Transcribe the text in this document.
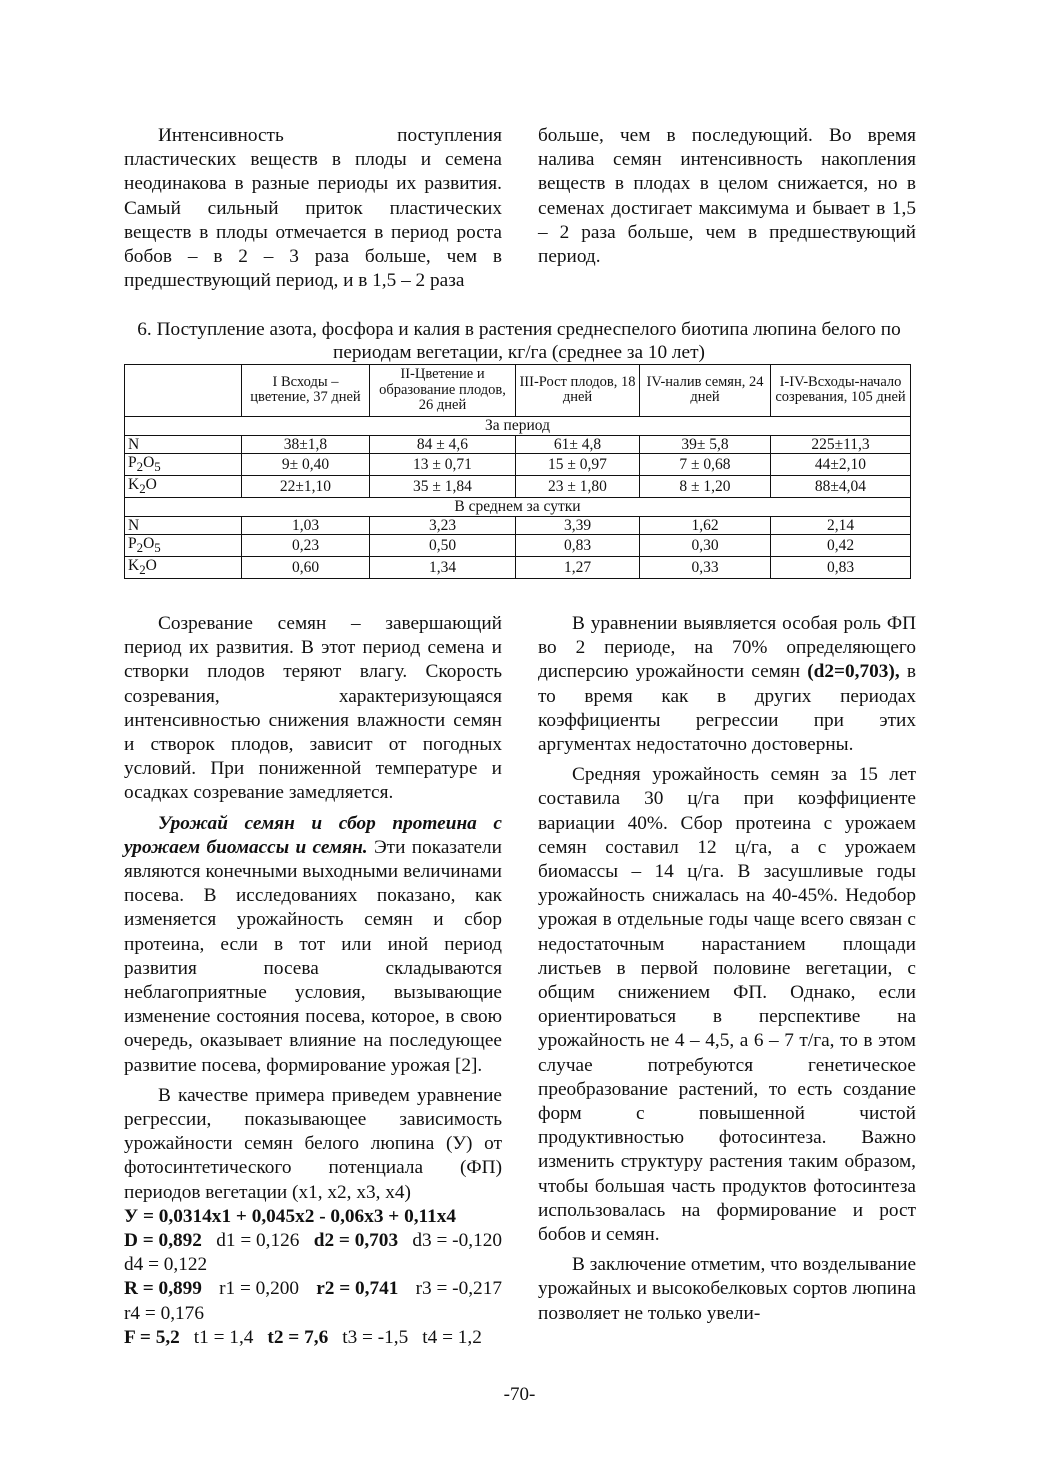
Интенсивность поступления пластических веществ в плоды и семена неодинакова в разные периоды их развития. Самый сильный приток пластических веществ в плоды отмечается в период роста бобов – в 2 – 3 раза больше, чем в предшествующий период, и в 1,5 – 2 раза

больше, чем в последующий. Во время налива семян интенсивность накопления веществ в плодах в целом снижается, но в семенах достигает максимума и бывает в 1,5 – 2 раза больше, чем в предшествующий период.

6. Поступление азота, фосфора и калия в растения среднеспелого биотипа люпина белого по периодам вегетации, кг/га (среднее за 10 лет)
	I Всходы – цветение, 37 дней	II-Цветение и образование плодов, 26 дней	III-Рост плодов, 18 дней	IV-налив семян, 24 дней	I-IV-Всходы-начало созревания, 105 дней
За период					
N	38±1,8	84 ± 4,6	61± 4,8	39± 5,8	225±11,3
$P_2O_5$	9± 0,40	13 ± 0,71	15 ± 0,97	7 ± 0,68	44±2,10
$K_2O$	22±1,10	35 ± 1,84	23 ± 1,80	8 ± 1,20	88±4,04
В среднем за сутки					
N	1,03	3,23	3,39	1,62	2,14
$P_2O_5$	0,23	0,50	0,83	0,30	0,42
$K_2O$	0,60	1,34	1,27	0,33	0,83

Созревание семян – завершающий период их развития. В этот период семена и створки плодов теряют влагу. Скорость созревания, характеризующаяся интенсивностью снижения влажности семян и створок плодов, зависит от погодных условий. При пониженной температуре и осадках созревание замедляется.

Урожай семян и сбор протеина с урожаем биомассы и семян. Эти показатели являются конечными выходными величинами посева. В исследованиях показано, как изменяется урожайность семян и сбор протеина, если в тот или иной период развития посева складываются неблагоприятные условия, вызывающие изменение состояния посева, которое, в свою очередь, оказывает влияние на последующее развитие посева, формирование урожая [2].

В качестве примера приведем уравнение регрессии, показывающее зависимость урожайности семян белого люпина (У) от фотосинтетического потенциала (ФП) периодов вегетации (x1, x2, x3, x4)

У = 0,0314x1 + 0,045x2 - 0,06x3 + 0,11x4
D = 0,892 d1 = 0,126 d2 = 0,703 d3 = -0,120
d4 = 0,122
R = 0,899 r1 = 0,200 r2 = 0,741 r3 = -0,217
r4 = 0,176
F = 5,2 t1 = 1,4 t2 = 7,6 t3 = -1,5 t4 = 1,2

В уравнении выявляется особая роль ФП во 2 периоде, на 70% определяющего дисперсию урожайности семян (d2=0,703), в то время как в других периодах коэффициенты регрессии при этих аргументах недостаточно достоверны.

Средняя урожайность семян за 15 лет составила 30 ц/га при коэффициенте вариации 40%. Сбор протеина с урожаем семян составил 12 ц/га, а с урожаем биомассы – 14 ц/га. В засушливые годы урожайность снижалась на 40-45%. Недобор урожая в отдельные годы чаще всего связан с недостаточным нарастанием площади листьев в первой половине вегетации, с общим снижением ФП. Однако, если ориентироваться в перспективе на урожайность не 4 – 4,5, а 6 – 7 т/га, то в этом случае потребуются генетическое преобразование растений, то есть создание форм с повышенной чистой продуктивностью фотосинтеза. Важно изменить структуру растения таким образом, чтобы большая часть продуктов фотосинтеза использовалась на формирование и рост бобов и семян.

В заключение отметим, что возделывание урожайных и высокобелковых сортов люпина позволяет не только увели-

-70-
